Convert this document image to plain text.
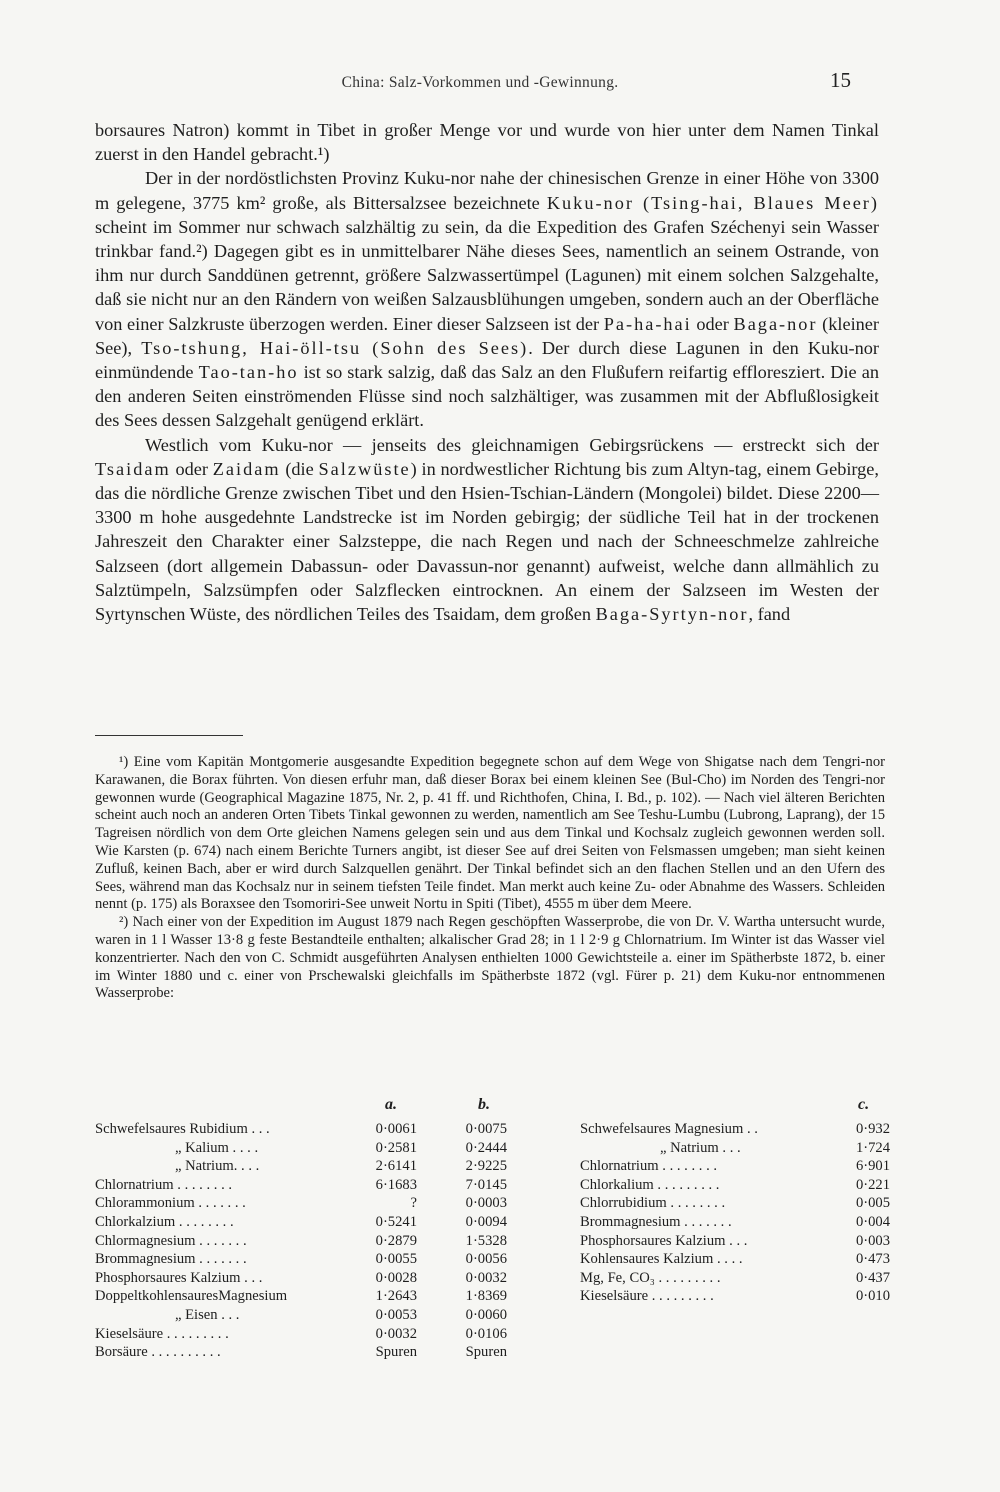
China: Salz-Vorkommen und -Gewinnung.	15

borsaures Natron) kommt in Tibet in großer Menge vor und wurde von hier unter dem Namen Tinkal zuerst in den Handel gebracht.¹)

Der in der nordöstlichsten Provinz Kuku-nor nahe der chinesischen Grenze in einer Höhe von 3300 m gelegene, 3775 km² große, als Bittersalzsee bezeichnete Kuku-nor (Tsing-hai, Blaues Meer) scheint im Sommer nur schwach salzhältig zu sein, da die Expedition des Grafen Széchenyi sein Wasser trinkbar fand.²) Dagegen gibt es in unmittelbarer Nähe dieses Sees, namentlich an seinem Ostrande, von ihm nur durch Sanddünen getrennt, größere Salzwassertümpel (Lagunen) mit einem solchen Salzgehalte, daß sie nicht nur an den Rändern von weißen Salzausblühungen umgeben, sondern auch an der Oberfläche von einer Salzkruste überzogen werden. Einer dieser Salzseen ist der Pa-ha-hai oder Baga-nor (kleiner See), Tso-tshung, Hai-öll-tsu (Sohn des Sees). Der durch diese Lagunen in den Kuku-nor einmündende Tao-tan-ho ist so stark salzig, daß das Salz an den Flußufern reifartig effloresziert. Die an den anderen Seiten einströmenden Flüsse sind noch salzhältiger, was zusammen mit der Abflußlosigkeit des Sees dessen Salzgehalt genügend erklärt.

Westlich vom Kuku-nor — jenseits des gleichnamigen Gebirgsrückens — erstreckt sich der Tsaidam oder Zaidam (die Salzwüste) in nordwestlicher Richtung bis zum Altyn-tag, einem Gebirge, das die nördliche Grenze zwischen Tibet und den Hsien-Tschian-Ländern (Mongolei) bildet. Diese 2200—3300 m hohe ausgedehnte Landstrecke ist im Norden gebirgig; der südliche Teil hat in der trockenen Jahreszeit den Charakter einer Salzsteppe, die nach Regen und nach der Schneeschmelze zahlreiche Salzseen (dort allgemein Dabassun- oder Davassun-nor genannt) aufweist, welche dann allmählich zu Salztümpeln, Salzsümpfen oder Salzflecken eintrocknen. An einem der Salzseen im Westen der Syrtynschen Wüste, des nördlichen Teiles des Tsaidam, dem großen Baga-Syrtyn-nor, fand

¹) Eine vom Kapitän Montgomerie ausgesandte Expedition begegnete schon auf dem Wege von Shigatse nach dem Tengri-nor Karawanen, die Borax führten. Von diesen erfuhr man, daß dieser Borax bei einem kleinen See (Bul-Cho) im Norden des Tengri-nor gewonnen wurde (Geographical Magazine 1875, Nr. 2, p. 41 ff. und Richthofen, China, I. Bd., p. 102). — Nach viel älteren Berichten scheint auch noch an anderen Orten Tibets Tinkal gewonnen zu werden, namentlich am See Teshu-Lumbu (Lubrong, Laprang), der 15 Tagreisen nördlich von dem Orte gleichen Namens gelegen sein und aus dem Tinkal und Kochsalz zugleich gewonnen werden soll. Wie Karsten (p. 674) nach einem Berichte Turners angibt, ist dieser See auf drei Seiten von Felsmassen umgeben; man sieht keinen Zufluß, keinen Bach, aber er wird durch Salzquellen genährt. Der Tinkal befindet sich an den flachen Stellen und an den Ufern des Sees, während man das Kochsalz nur in seinem tiefsten Teile findet. Man merkt auch keine Zu- oder Abnahme des Wassers. Schleiden nennt (p. 175) als Boraxsee den Tsomoriri-See unweit Nortu in Spiti (Tibet), 4555 m über dem Meere.

²) Nach einer von der Expedition im August 1879 nach Regen geschöpften Wasserprobe, die von Dr. V. Wartha untersucht wurde, waren in 1 l Wasser 13·8 g feste Bestandteile enthalten; alkalischer Grad 28; in 1 l 2·9 g Chlornatrium. Im Winter ist das Wasser viel konzentrierter. Nach den von C. Schmidt ausgeführten Analysen enthielten 1000 Gewichtsteile a. einer im Spätherbste 1872, b. einer im Winter 1880 und c. einer von Prschewalski gleichfalls im Spätherbste 1872 (vgl. Fürer p. 21) dem Kuku-nor entnommenen Wasserprobe:

a.	b.	c.
Schwefelsaures Rubidium . . .	0·0061	0·0075
„ Kalium . . . .	0·2581	0·2444
„ Natrium. . . .	2·6141	2·9225
Chlornatrium . . . . . . . .	6·1683	7·0145
Chlorammonium . . . . . . .	?	0·0003
Chlorkalzium . . . . . . . .	0·5241	0·0094
Chlormagnesium . . . . . . .	0·2879	1·5328
Brommagnesium . . . . . . .	0·0055	0·0056
Phosphorsaures Kalzium . . .	0·0028	0·0032
DoppeltkohlensauresMagnesium	1·2643	1·8369
„ Eisen . . .	0·0053	0·0060
Kieselsäure . . . . . . . . .	0·0032	0·0106
Borsäure . . . . . . . . . .	Spuren	Spuren
Schwefelsaures Magnesium . .	0·932
„ Natrium . . .	1·724
Chlornatrium . . . . . . . .	6·901
Chlorkalium . . . . . . . . .	0·221
Chlorrubidium . . . . . . . .	0·005
Brommagnesium . . . . . . .	0·004
Phosphorsaures Kalzium . . .	0·003
Kohlensaures Kalzium . . . .	0·473
Mg, Fe, CO₃ . . . . . . . . .	0·437
Kieselsäure . . . . . . . . .	0·010
